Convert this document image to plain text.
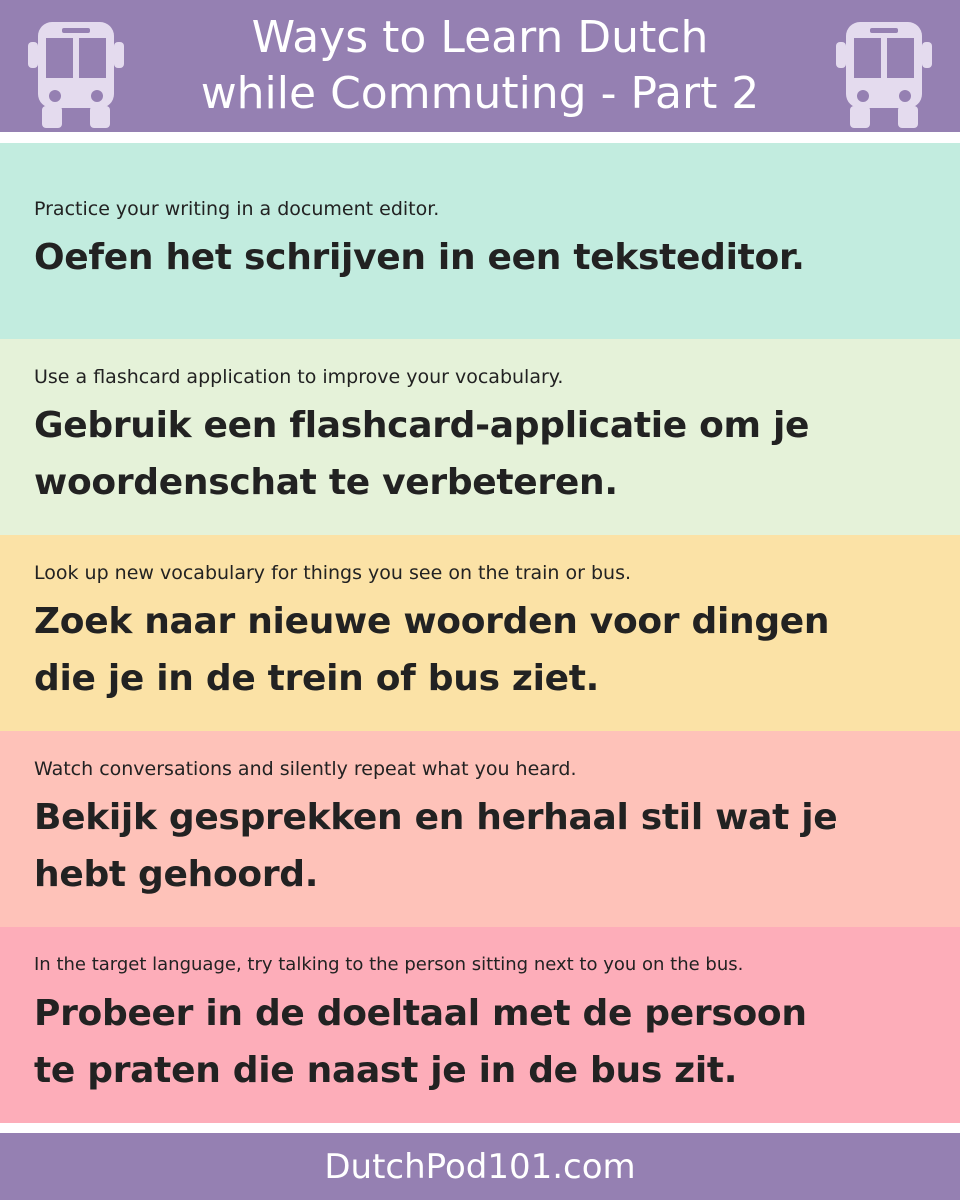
Ways to Learn Dutch
while Commuting - Part 2
Practice your writing in a document editor.
Oefen het schrijven in een teksteditor.
Use a flashcard application to improve your vocabulary.
Gebruik een flashcard-applicatie om je
woordenschat te verbeteren.
Look up new vocabulary for things you see on the train or bus.
Zoek naar nieuwe woorden voor dingen
die je in de trein of bus ziet.
Watch conversations and silently repeat what you heard.
Bekijk gesprekken en herhaal stil wat je
hebt gehoord.
In the target language, try talking to the person sitting next to you on the bus.
Probeer in de doeltaal met de persoon
te praten die naast je in de bus zit.
DutchPod101.com
